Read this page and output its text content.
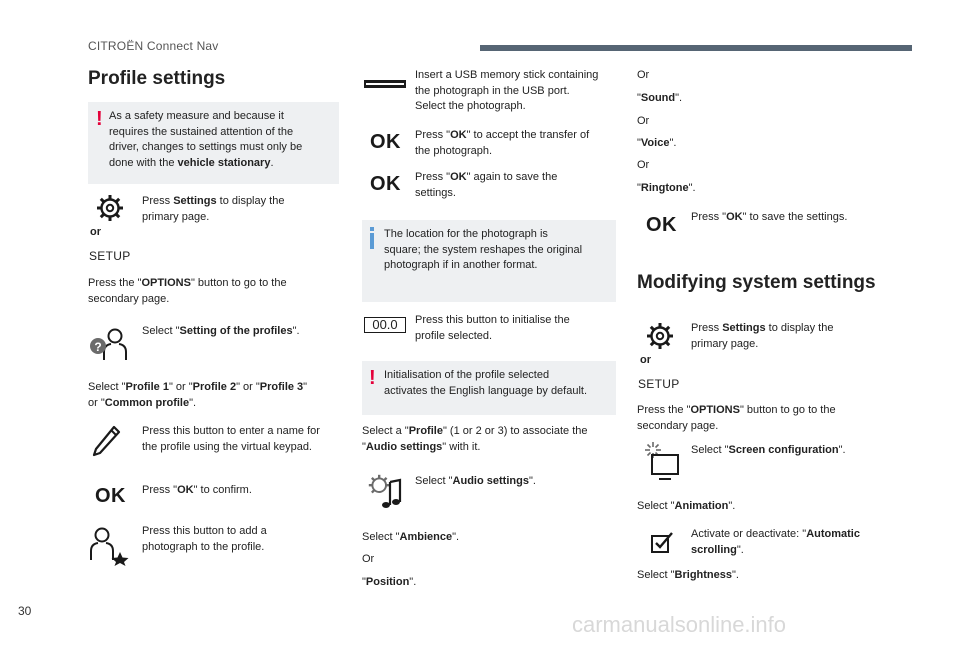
CITROËN Connect Nav
30
carmanualsonline.info
Profile settings
! As a safety measure and because it
requires the sustained attention of the
driver, changes to settings must only be
done with the vehicle stationary.
or
SETUP
Press Settings to display the
primary page.
Press the "OPTIONS" button to go to the
secondary page.
?
Select "Setting of the profiles".
Select "Profile 1" or "Profile 2" or "Profile 3"
or "Common profile".
Press this button to enter a name for
the profile using the virtual keypad.
OK Press "OK" to confirm.
Press this button to add a
photograph to the profile.
Insert a USB memory stick containing
the photograph in the USB port.
Select the photograph.
OK Press "OK" to accept the transfer of
the photograph.
OK Press "OK" again to save the
settings.
The location for the photograph is
square; the system reshapes the original
photograph if in another format.
00.0	Press this button to initialise the
profile selected.
! Initialisation of the profile selected
activates the English language by default.
Select a "Profile" (1 or 2 or 3) to associate the
"Audio settings" with it.
Select "Audio settings".
Select "Ambience".
Or
"Position".
Or
"Sound".
Or
"Voice".
Or
"Ringtone".
OK Press "OK" to save the settings.
Modifying system settings
or
SETUP
Press Settings to display the
primary page.
Press the "OPTIONS" button to go to the
secondary page.
Select "Screen configuration".
Select "Animation".
Activate or deactivate: "Automatic
scrolling".
Select "Brightness".
